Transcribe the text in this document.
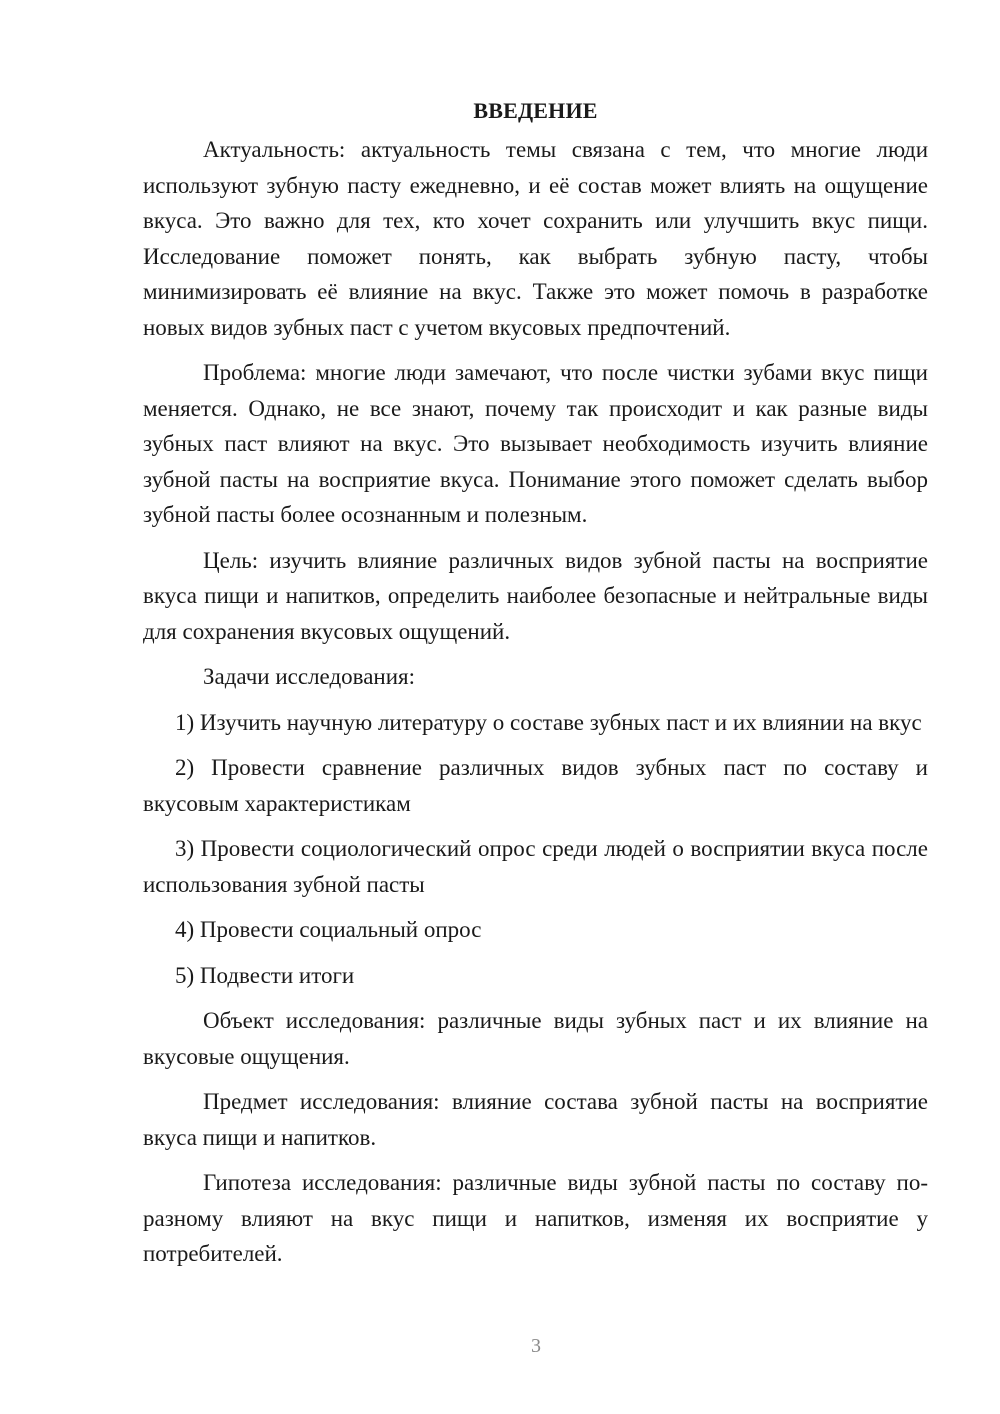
ВВЕДЕНИЕ

Актуальность: актуальность темы связана с тем, что многие люди используют зубную пасту ежедневно, и её состав может влиять на ощущение вкуса. Это важно для тех, кто хочет сохранить или улучшить вкус пищи. Исследование поможет понять, как выбрать зубную пасту, чтобы минимизировать её влияние на вкус. Также это может помочь в разработке новых видов зубных паст с учетом вкусовых предпочтений.

Проблема: многие люди замечают, что после чистки зубами вкус пищи меняется. Однако, не все знают, почему так происходит и как разные виды зубных паст влияют на вкус. Это вызывает необходимость изучить влияние зубной пасты на восприятие вкуса. Понимание этого поможет сделать выбор зубной пасты более осознанным и полезным.

Цель: изучить влияние различных видов зубной пасты на восприятие вкуса пищи и напитков, определить наиболее безопасные и нейтральные виды для сохранения вкусовых ощущений.

Задачи исследования:

1) Изучить научную литературу о составе зубных паст и их влиянии на вкус

2) Провести сравнение различных видов зубных паст по составу и вкусовым характеристикам

3) Провести социологический опрос среди людей о восприятии вкуса после использования зубной пасты

4) Провести социальный опрос

5) Подвести итоги

Объект исследования: различные виды зубных паст и их влияние на вкусовые ощущения.

Предмет исследования: влияние состава зубной пасты на восприятие вкуса пищи и напитков.

Гипотеза исследования: различные виды зубной пасты по составу по-разному влияют на вкус пищи и напитков, изменяя их восприятие у потребителей.

3
